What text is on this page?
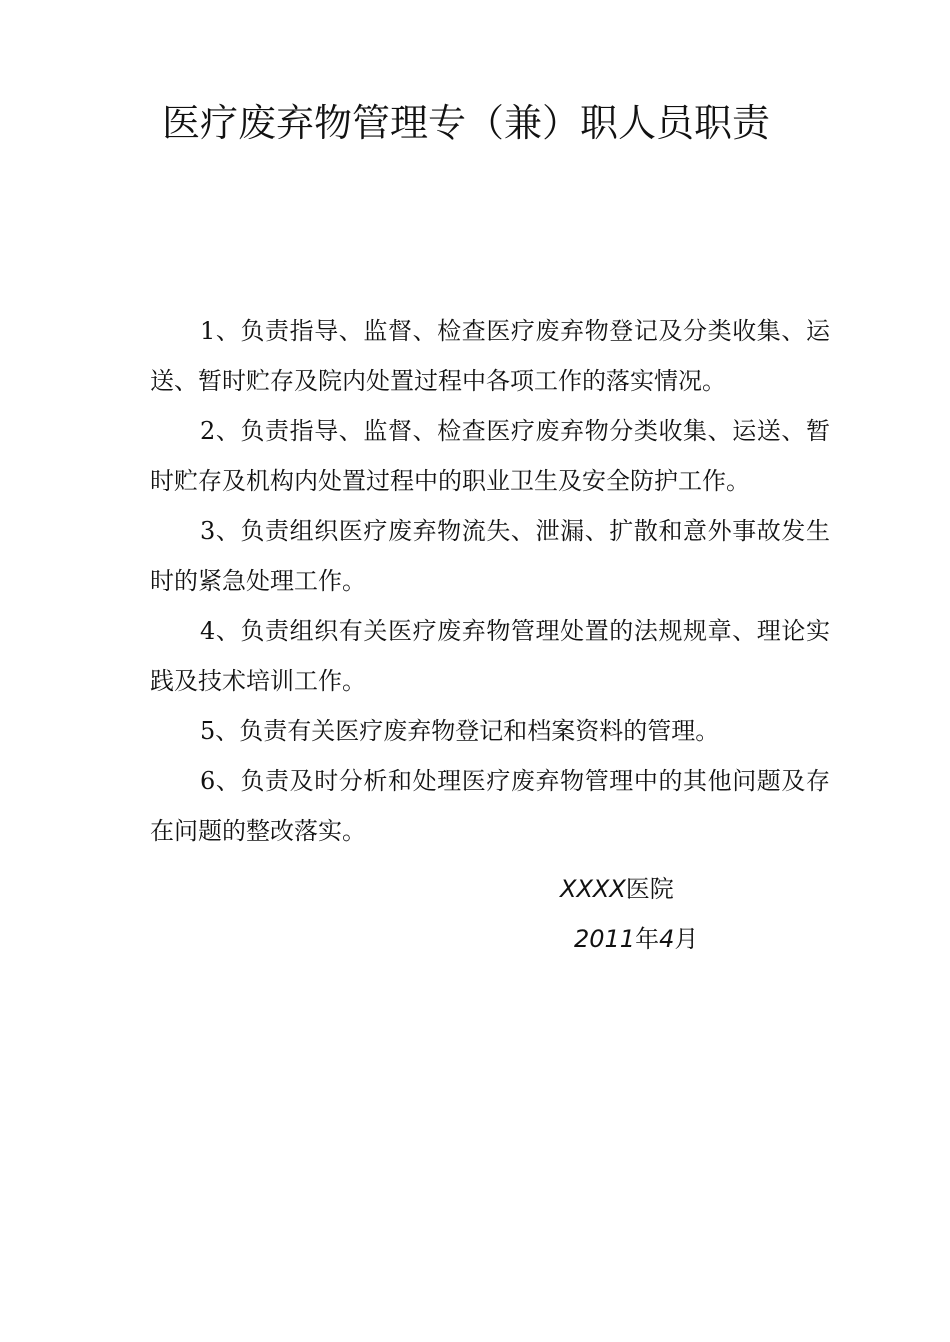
医疗废弃物管理专（兼）职人员职责

1、负责指导、监督、检查医疗废弃物登记及分类收集、运送、暂时贮存及院内处置过程中各项工作的落实情况。

2、负责指导、监督、检查医疗废弃物分类收集、运送、暂时贮存及机构内处置过程中的职业卫生及安全防护工作。

3、负责组织医疗废弃物流失、泄漏、扩散和意外事故发生时的紧急处理工作。

4、负责组织有关医疗废弃物管理处置的法规规章、理论实践及技术培训工作。

5、负责有关医疗废弃物登记和档案资料的管理。

6、负责及时分析和处理医疗废弃物管理中的其他问题及存在问题的整改落实。

XXXX医院

2011年4月
